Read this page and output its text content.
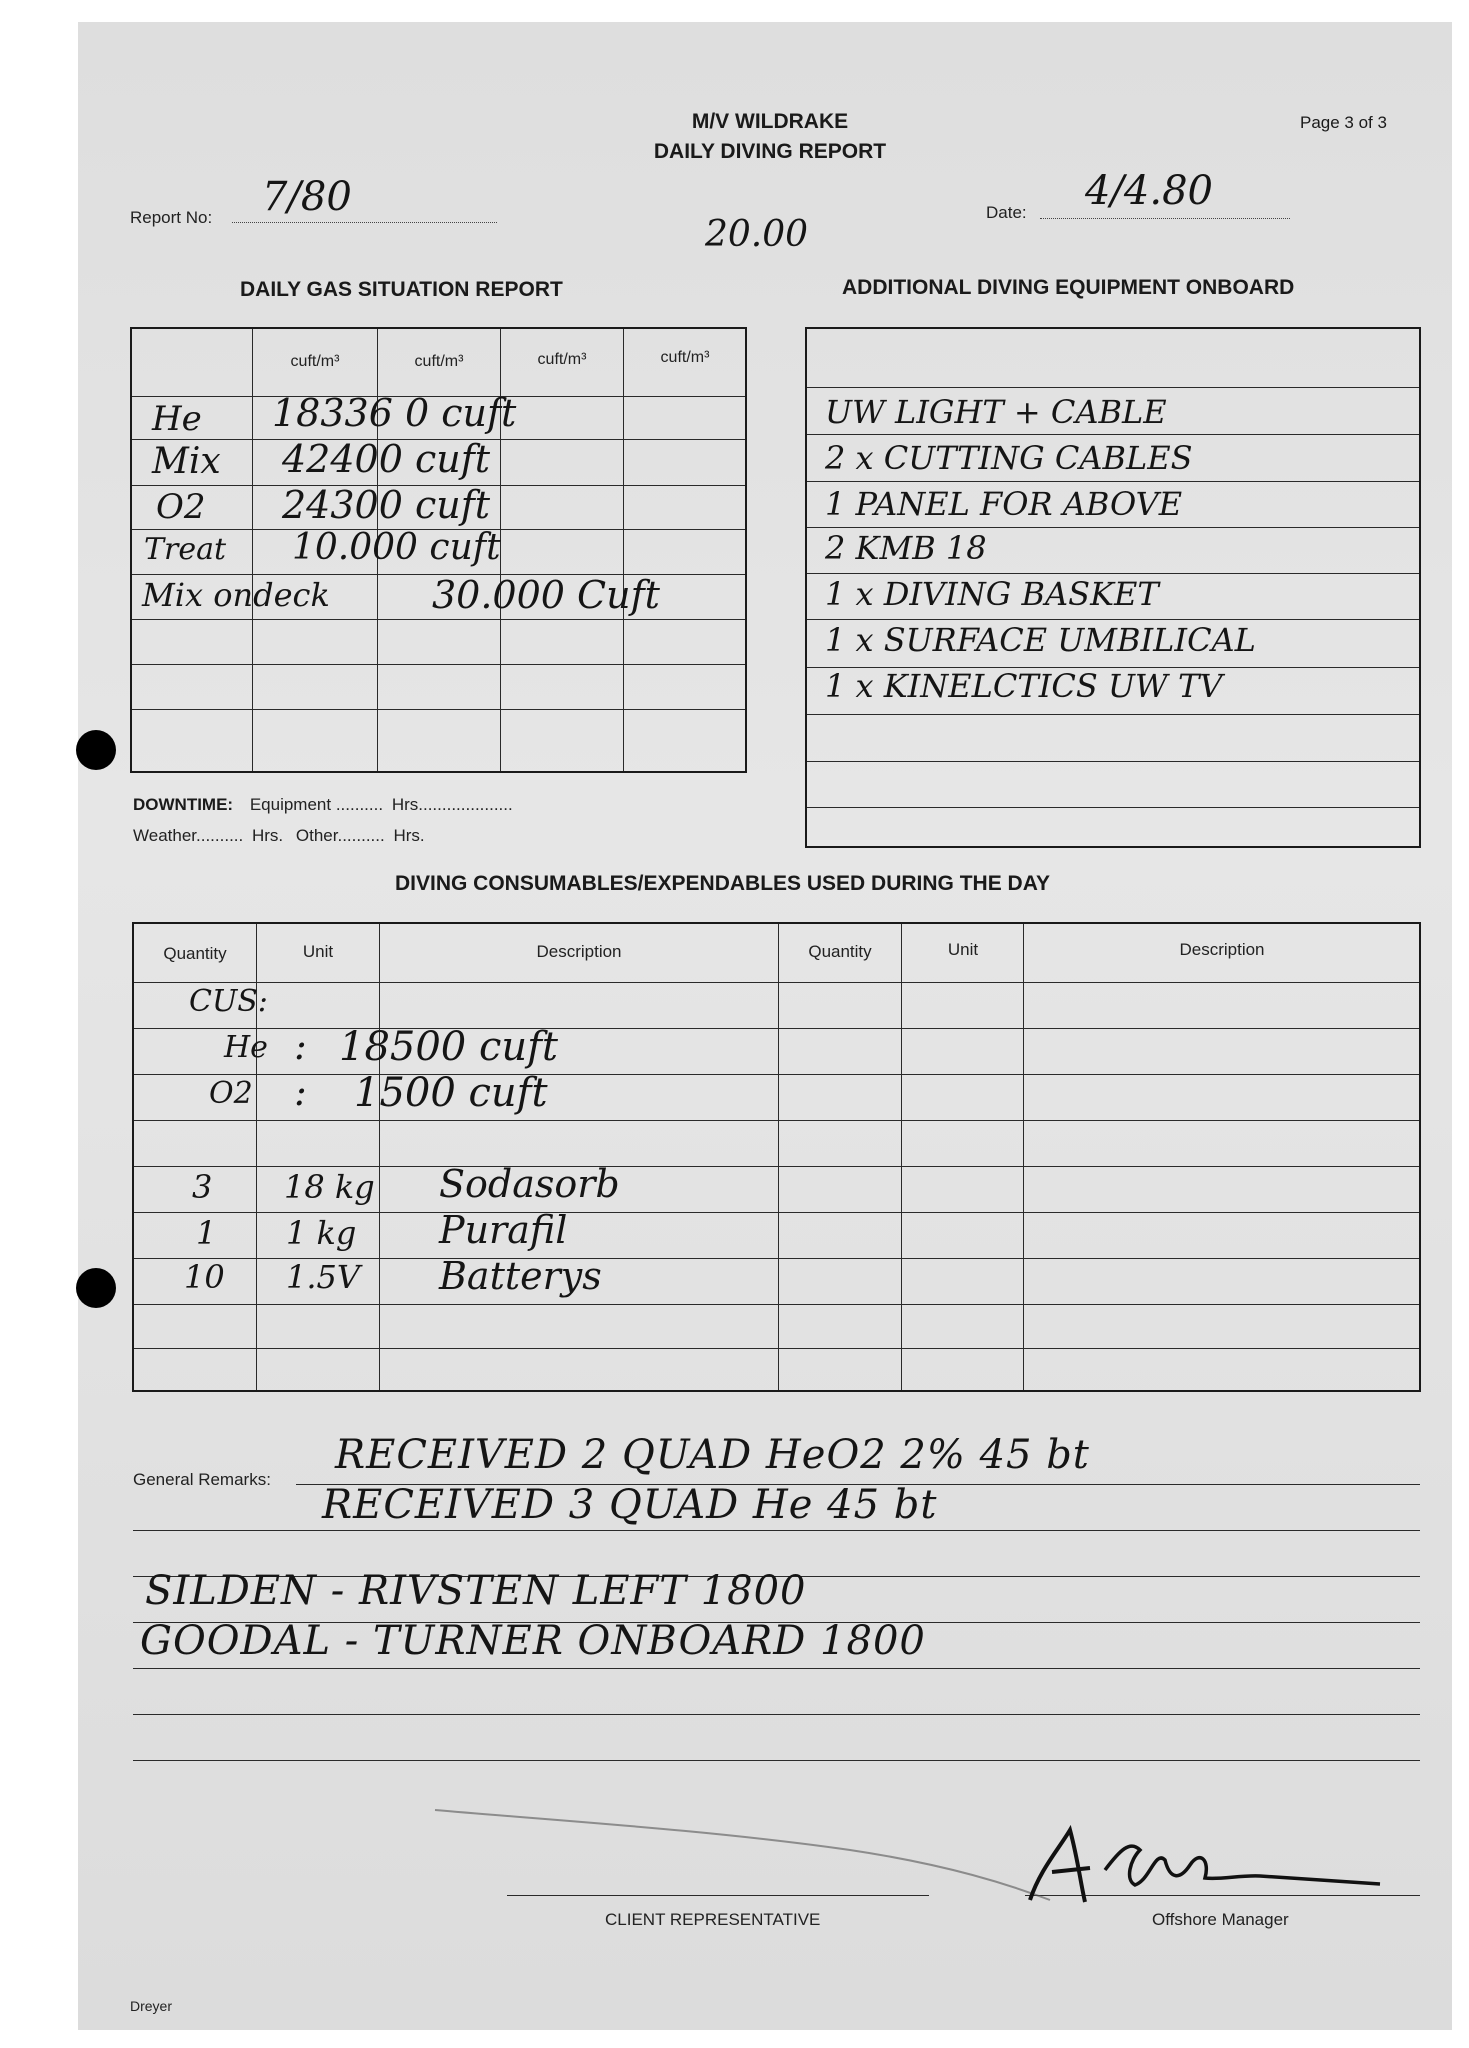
M/V WILDRAKE
DAILY DIVING REPORT
Page 3 of 3
Report No: 7/80	Date: 4/4.80
20.00
DAILY GAS SITUATION REPORT	ADDITIONAL DIVING EQUIPMENT ONBOARD
cuft/m³	cuft/m³	cuft/m³	cuft/m³
He 18336 0 cuft
Mix 42400 cuft
O2 24300 cuft
Treat 10.000 cuft
Mix ondeck	30.000 Cuft
UW LIGHT + CABLE
2 x CUTTING CABLES
1 PANEL FOR ABOVE
2 KMB 18
1 x DIVING BASKET
1 x SURFACE UMBILICAL
1 x KINELCTICS UW TV
DOWNTIME: Equipment .......... Hrs....................
Weather.......... Hrs. Other.......... Hrs.
DIVING CONSUMABLES/EXPENDABLES USED DURING THE DAY
Quantity	Unit	Description	Quantity	Unit	Description
CUS:
He : 18500 cuft
O2 : 1500 cuft
3 18 kg Sodasorb
1 1 kg Purafil
10 1.5V Batterys
General Remarks:
RECEIVED 2 QUAD HeO2 2% 45 bt
RECEIVED 3 QUAD He 45 bt
SILDEN - RIVSTEN LEFT 1800
GOODAL - TURNER ONBOARD 1800
CLIENT REPRESENTATIVE	Offshore Manager
Dreyer
